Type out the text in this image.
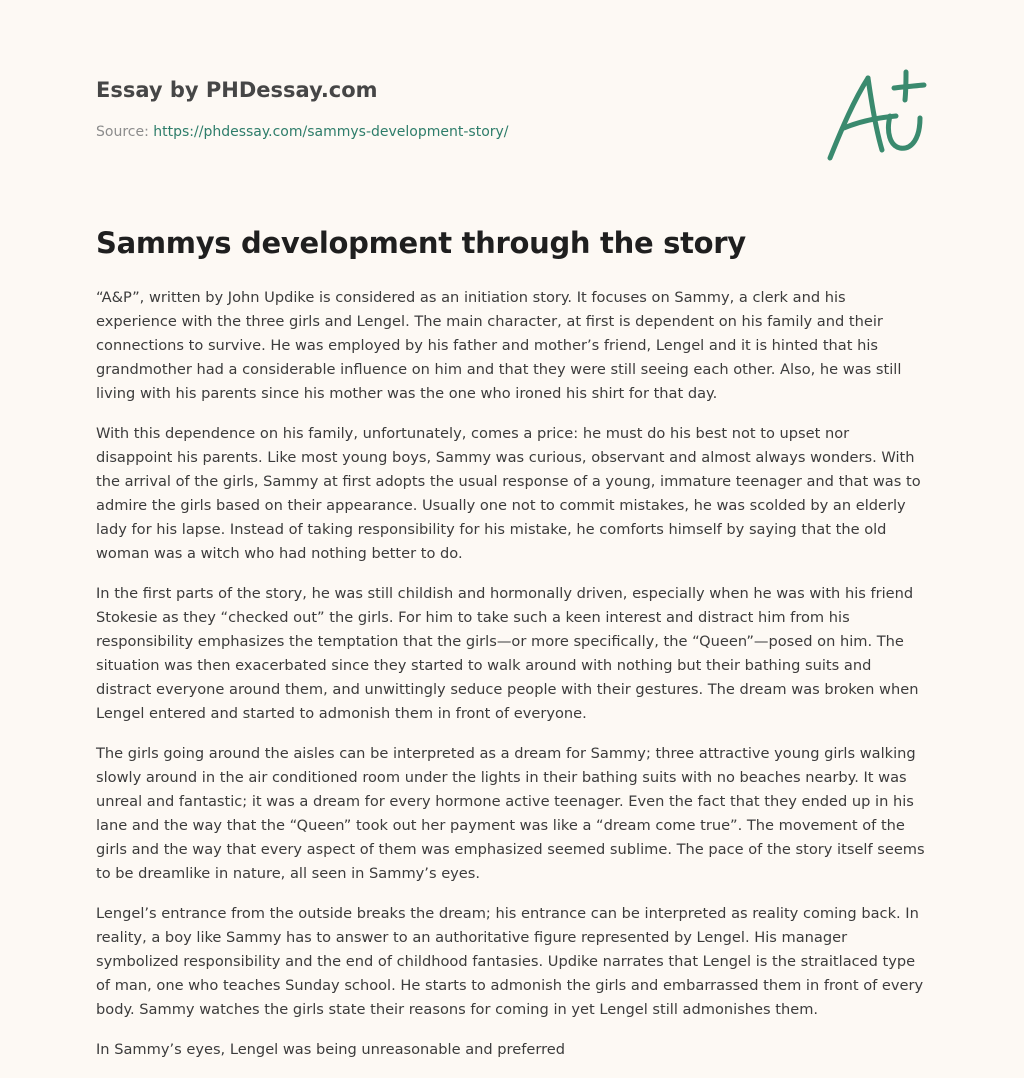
Essay by PHDessay.com

Source: https://phdessay.com/sammys-development-story/

Sammys development through the story

“A&P”, written by John Updike is considered as an initiation story. It focuses on Sammy, a clerk and his experience with the three girls and Lengel. The main character, at first is dependent on his family and their connections to survive. He was employed by his father and mother’s friend, Lengel and it is hinted that his grandmother had a considerable influence on him and that they were still seeing each other. Also, he was still living with his parents since his mother was the one who ironed his shirt for that day.

With this dependence on his family, unfortunately, comes a price: he must do his best not to upset nor disappoint his parents. Like most young boys, Sammy was curious, observant and almost always wonders. With the arrival of the girls, Sammy at first adopts the usual response of a young, immature teenager and that was to admire the girls based on their appearance. Usually one not to commit mistakes, he was scolded by an elderly lady for his lapse. Instead of taking responsibility for his mistake, he comforts himself by saying that the old woman was a witch who had nothing better to do.

In the first parts of the story, he was still childish and hormonally driven, especially when he was with his friend Stokesie as they “checked out” the girls. For him to take such a keen interest and distract him from his responsibility emphasizes the temptation that the girls—or more specifically, the “Queen”—posed on him. The situation was then exacerbated since they started to walk around with nothing but their bathing suits and distract everyone around them, and unwittingly seduce people with their gestures. The dream was broken when Lengel entered and started to admonish them in front of everyone.

The girls going around the aisles can be interpreted as a dream for Sammy; three attractive young girls walking slowly around in the air conditioned room under the lights in their bathing suits with no beaches nearby. It was unreal and fantastic; it was a dream for every hormone active teenager. Even the fact that they ended up in his lane and the way that the “Queen” took out her payment was like a “dream come true”. The movement of the girls and the way that every aspect of them was emphasized seemed sublime. The pace of the story itself seems to be dreamlike in nature, all seen in Sammy’s eyes.

Lengel’s entrance from the outside breaks the dream; his entrance can be interpreted as reality coming back. In reality, a boy like Sammy has to answer to an authoritative figure represented by Lengel. His manager symbolized responsibility and the end of childhood fantasies. Updike narrates that Lengel is the straitlaced type of man, one who teaches Sunday school. He starts to admonish the girls and embarrassed them in front of every body. Sammy watches the girls state their reasons for coming in yet Lengel still admonishes them.

In Sammy’s eyes, Lengel was being unreasonable and preferred
